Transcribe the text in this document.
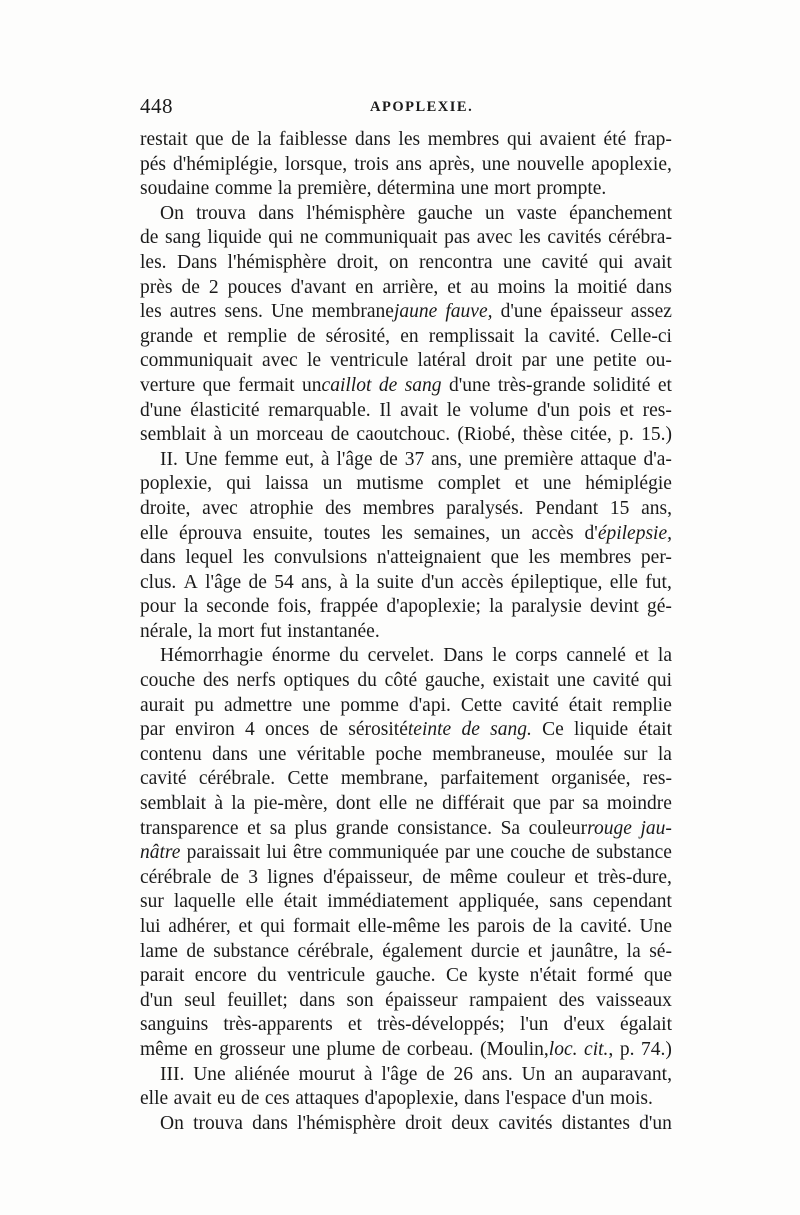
448	APOPLEXIE.
restait que de la faiblesse dans les membres qui avaient été frap-
pés d'hémiplégie, lorsque, trois ans après, une nouvelle apoplexie,
soudaine comme la première, détermina une mort prompte.
On trouva dans l'hémisphère gauche un vaste épanchement
de sang liquide qui ne communiquait pas avec les cavités cérébra-
les. Dans l'hémisphère droit, on rencontra une cavité qui avait
près de 2 pouces d'avant en arrière, et au moins la moitié dans
les autres sens. Une membranejaune fauve, d'une épaisseur assez
grande et remplie de sérosité, en remplissait la cavité. Celle-ci
communiquait avec le ventricule latéral droit par une petite ou-
verture que fermait uncaillot de sang d'une très-grande solidité et
d'une élasticité remarquable. Il avait le volume d'un pois et res-
semblait à un morceau de caoutchouc. (Riobé, thèse citée, p. 15.)
II. Une femme eut, à l'âge de 37 ans, une première attaque d'a-
poplexie, qui laissa un mutisme complet et une hémiplégie
droite, avec atrophie des membres paralysés. Pendant 15 ans,
elle éprouva ensuite, toutes les semaines, un accès d'épilepsie,
dans lequel les convulsions n'atteignaient que les membres per-
clus. A l'âge de 54 ans, à la suite d'un accès épileptique, elle fut,
pour la seconde fois, frappée d'apoplexie; la paralysie devint gé-
nérale, la mort fut instantanée.
Hémorrhagie énorme du cervelet. Dans le corps cannelé et la
couche des nerfs optiques du côté gauche, existait une cavité qui
aurait pu admettre une pomme d'api. Cette cavité était remplie
par environ 4 onces de sérositéteinte de sang. Ce liquide était
contenu dans une véritable poche membraneuse, moulée sur la
cavité cérébrale. Cette membrane, parfaitement organisée, res-
semblait à la pie-mère, dont elle ne différait que par sa moindre
transparence et sa plus grande consistance. Sa couleurrouge jau-
nâtre paraissait lui être communiquée par une couche de substance
cérébrale de 3 lignes d'épaisseur, de même couleur et très-dure,
sur laquelle elle était immédiatement appliquée, sans cependant
lui adhérer, et qui formait elle-même les parois de la cavité. Une
lame de substance cérébrale, également durcie et jaunâtre, la sé-
parait encore du ventricule gauche. Ce kyste n'était formé que
d'un seul feuillet; dans son épaisseur rampaient des vaisseaux
sanguins très-apparents et très-développés; l'un d'eux égalait
même en grosseur une plume de corbeau. (Moulin,loc. cit., p. 74.)
III. Une aliénée mourut à l'âge de 26 ans. Un an auparavant,
elle avait eu de ces attaques d'apoplexie, dans l'espace d'un mois.
On trouva dans l'hémisphère droit deux cavités distantes d'un
